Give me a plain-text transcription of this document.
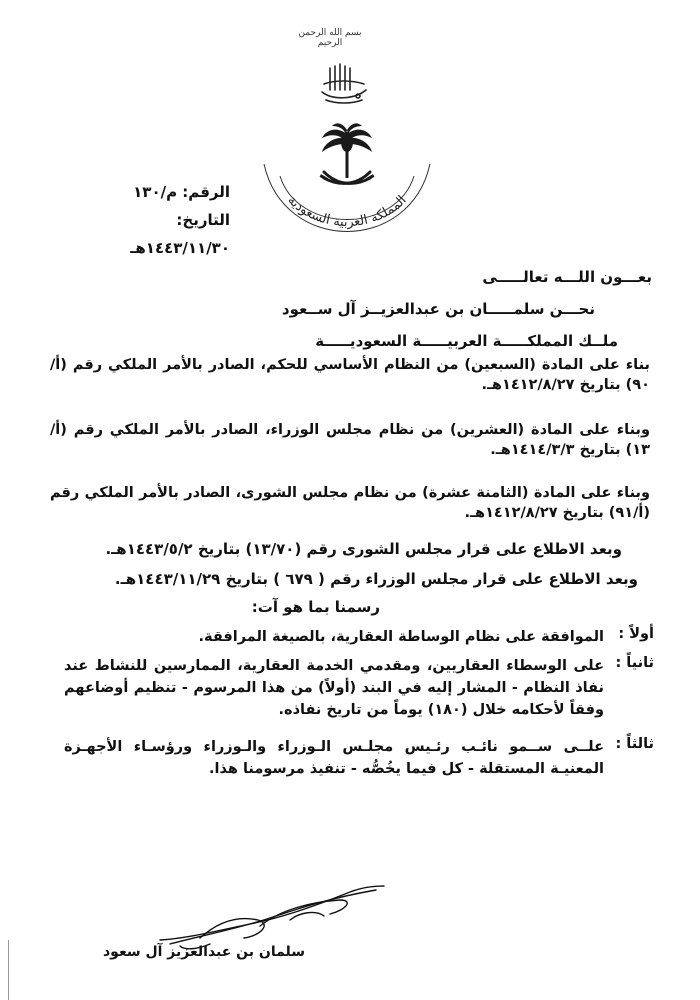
بسم الله الرحمن الرحيم
المملكة العربية السعودية
الرقم: م/١٣٠
التاريخ: ١٤٤٣/١١/٣٠هـ
بعـــون اللـــه تعالـــــى
نحـــن سلمـــــان بن عبدالعزيــز آل ســعود
ملــك المملكـــــة العربيـــــة السعوديـــــة
بناء على المادة (السبعين) من النظام الأساسي للحكم، الصادر بالأمر الملكي رقم (أ/٩٠) بتاريخ ١٤١٢/٨/٢٧هـ.
وبناء على المادة (العشرين) من نظام مجلس الوزراء، الصادر بالأمر الملكي رقم (أ/١٣) بتاريخ ١٤١٤/٣/٣هـ.
وبناء على المادة (الثامنة عشرة) من نظام مجلس الشورى، الصادر بالأمر الملكي رقم (أ/٩١) بتاريخ ١٤١٢/٨/٢٧هـ.
وبعد الاطلاع على قرار مجلس الشورى رقم (١٣/٧٠) بتاريخ ١٤٤٣/٥/٢هـ.
وبعد الاطلاع على قرار مجلس الوزراء رقم ( ٦٧٩ ) بتاريخ ١٤٤٣/١١/٢٩هـ.
رسمنا بما هو آت:
أولاً :
الموافقة على نظام الوساطة العقارية، بالصيغة المرافقة.
ثانياً :
على الوسطاء العقاريين، ومقدمي الخدمة العقارية، الممارسين للنشاط عند نفاذ النظام - المشار إليه في البند (أولاً) من هذا المرسوم - تنظيم أوضاعهم وفقاً لأحكامه خلال (١٨٠) يوماً من تاريخ نفاذه.
ثالثاً :
علــى ســمو نائـب رئـيس مجلـس الـوزراء والـوزراء ورؤسـاء الأجهـزة المعنيـة المستقلة - كل فيما يخُصُّه - تنفيذ مرسومنا هذا.
سلمان بن عبدالعزيز آل سعود
